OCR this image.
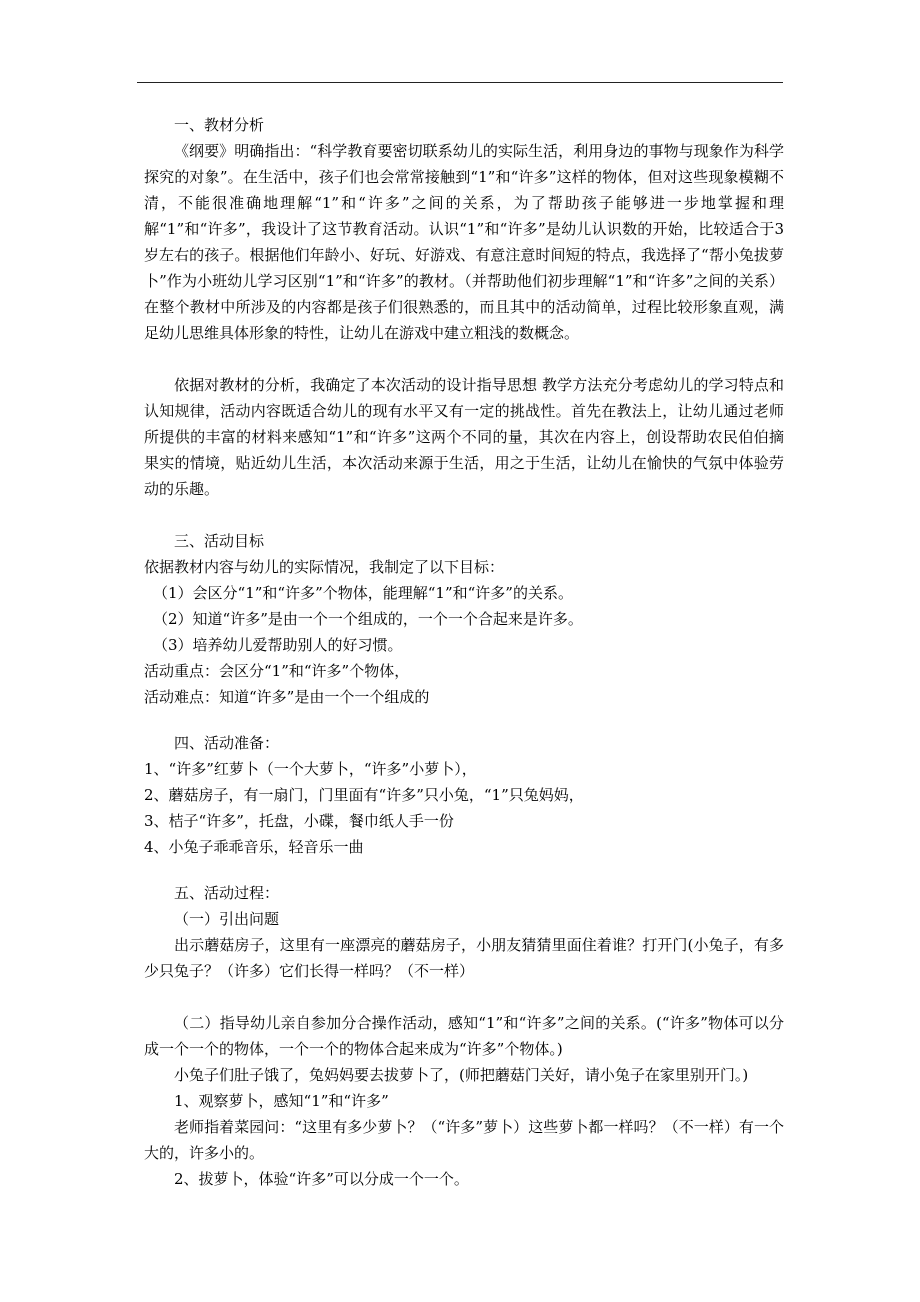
一、教材分析

《纲要》明确指出：“科学教育要密切联系幼儿的实际生活，利用身边的事物与现象作为科学探究的对象”。在生活中，孩子们也会常常接触到“1”和“许多”这样的物体，但对这些现象模糊不清，不能很准确地理解“1”和“许多”之间的关系，为了帮助孩子能够进一步地掌握和理解“1”和“许多”，我设计了这节教育活动。认识“1”和“许多”是幼儿认识数的开始，比较适合于3岁左右的孩子。根据他们年龄小、好玩、好游戏、有意注意时间短的特点，我选择了“帮小兔拔萝卜”作为小班幼儿学习区别“1”和“许多”的教材。（并帮助他们初步理解“1”和“许多”之间的关系）在整个教材中所涉及的内容都是孩子们很熟悉的，而且其中的活动简单，过程比较形象直观，满足幼儿思维具体形象的特性，让幼儿在游戏中建立粗浅的数概念。

依据对教材的分析，我确定了本次活动的设计指导思想 教学方法充分考虑幼儿的学习特点和认知规律，活动内容既适合幼儿的现有水平又有一定的挑战性。首先在教法上，让幼儿通过老师所提供的丰富的材料来感知“1”和“许多”这两个不同的量，其次在内容上，创设帮助农民伯伯摘果实的情境，贴近幼儿生活，本次活动来源于生活，用之于生活，让幼儿在愉快的气氛中体验劳动的乐趣。

三、活动目标

依据教材内容与幼儿的实际情况，我制定了以下目标：

（1）会区分“1”和“许多”个物体，能理解“1”和“许多”的关系。

（2）知道“许多”是由一个一个组成的，一个一个合起来是许多。

（3）培养幼儿爱帮助别人的好习惯。

活动重点：会区分“1”和“许多”个物体，

活动难点：知道“许多”是由一个一个组成的

四、活动准备：

1、“许多”红萝卜（一个大萝卜，“许多”小萝卜），

2、蘑菇房子，有一扇门，门里面有“许多”只小兔，“1”只兔妈妈，

3、桔子“许多”，托盘，小碟，餐巾纸人手一份

4、小兔子乖乖音乐，轻音乐一曲

五、活动过程：

（一）引出问题

出示蘑菇房子，这里有一座漂亮的蘑菇房子，小朋友猜猜里面住着谁？打开门(小兔子，有多少只兔子？（许多）它们长得一样吗？（不一样）

（二）指导幼儿亲自参加分合操作活动，感知“1”和“许多”之间的关系。(“许多”物体可以分成一个一个的物体，一个一个的物体合起来成为“许多”个物体。)

小兔子们肚子饿了，兔妈妈要去拔萝卜了，(师把蘑菇门关好，请小兔子在家里别开门。)

1、观察萝卜，感知“1”和“许多”

老师指着菜园问：“这里有多少萝卜？（“许多”萝卜）这些萝卜都一样吗？（不一样）有一个大的，许多小的。

2、拔萝卜，体验“许多”可以分成一个一个。
